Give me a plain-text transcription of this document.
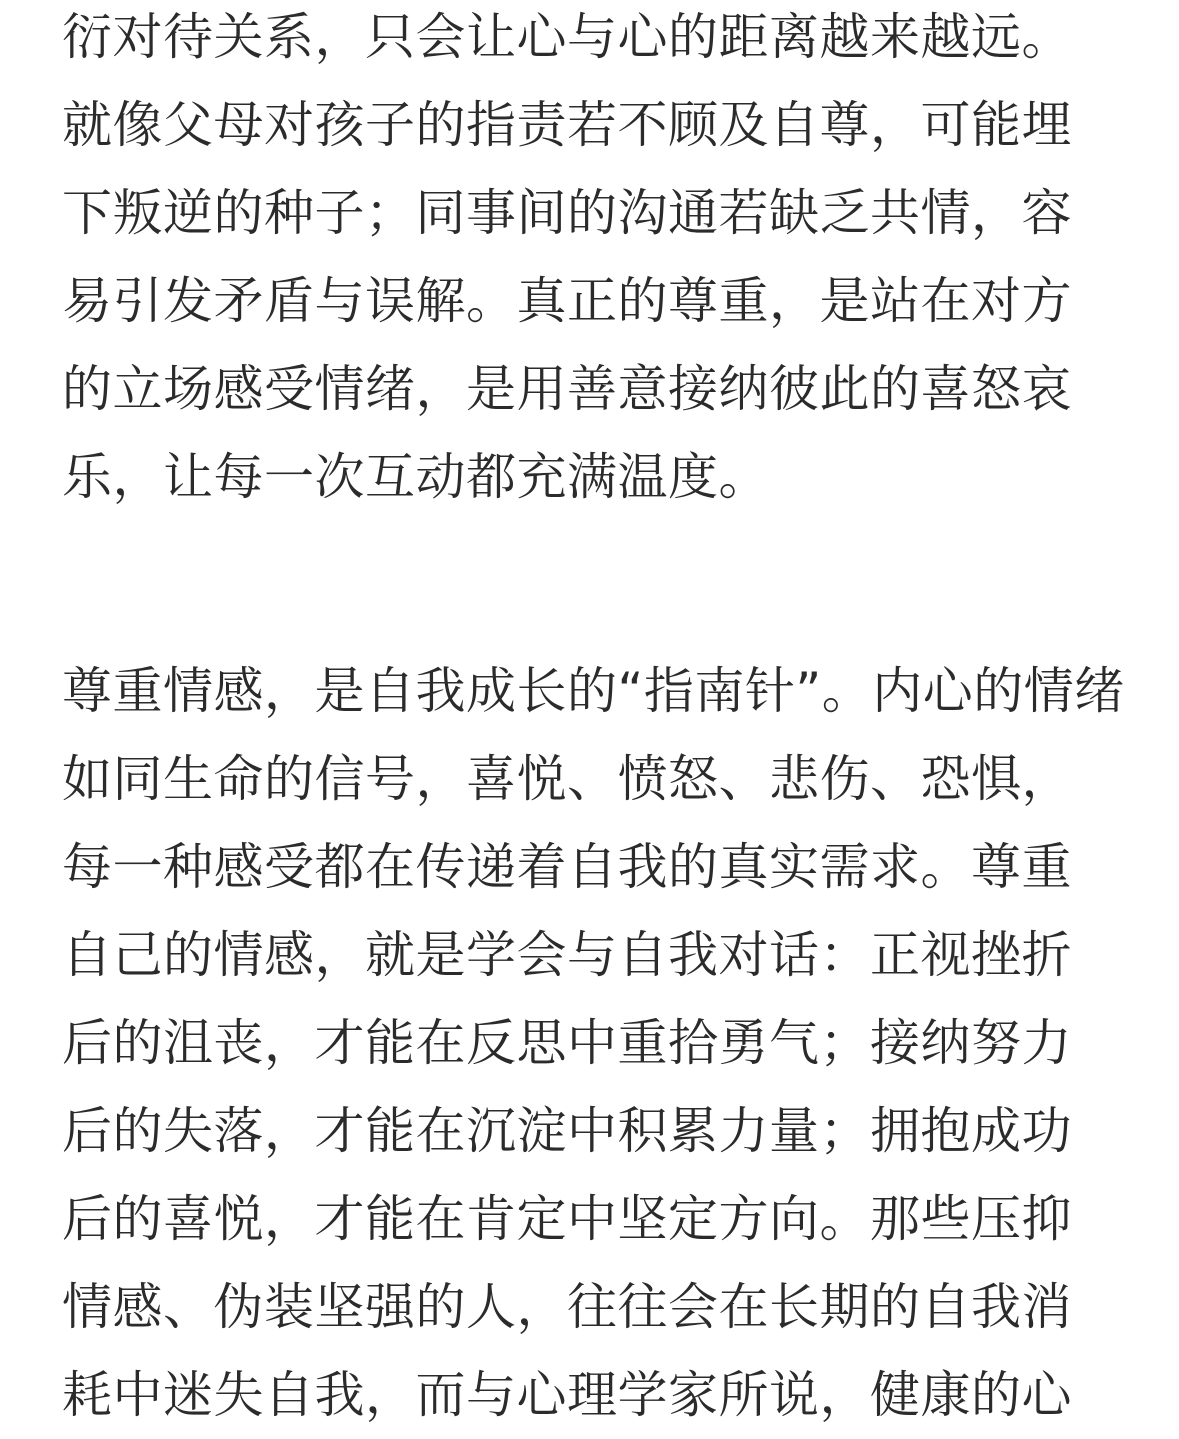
衍对待关系，只会让心与心的距离越来越远。
就像父母对孩子的指责若不顾及自尊，可能埋
下叛逆的种子；同事间的沟通若缺乏共情，容
易引发矛盾与误解。真正的尊重，是站在对方
的立场感受情绪，是用善意接纳彼此的喜怒哀
乐，让每一次互动都充满温度。
尊重情感，是自我成长的“指南针”。内心的情绪
如同生命的信号，喜悦、愤怒、悲伤、恐惧，
每一种感受都在传递着自我的真实需求。尊重
自己的情感，就是学会与自我对话：正视挫折
后的沮丧，才能在反思中重拾勇气；接纳努力
后的失落，才能在沉淀中积累力量；拥抱成功
后的喜悦，才能在肯定中坚定方向。那些压抑
情感、伪装坚强的人，往往会在长期的自我消
耗中迷失自我，而与心理学家所说，健康的心
